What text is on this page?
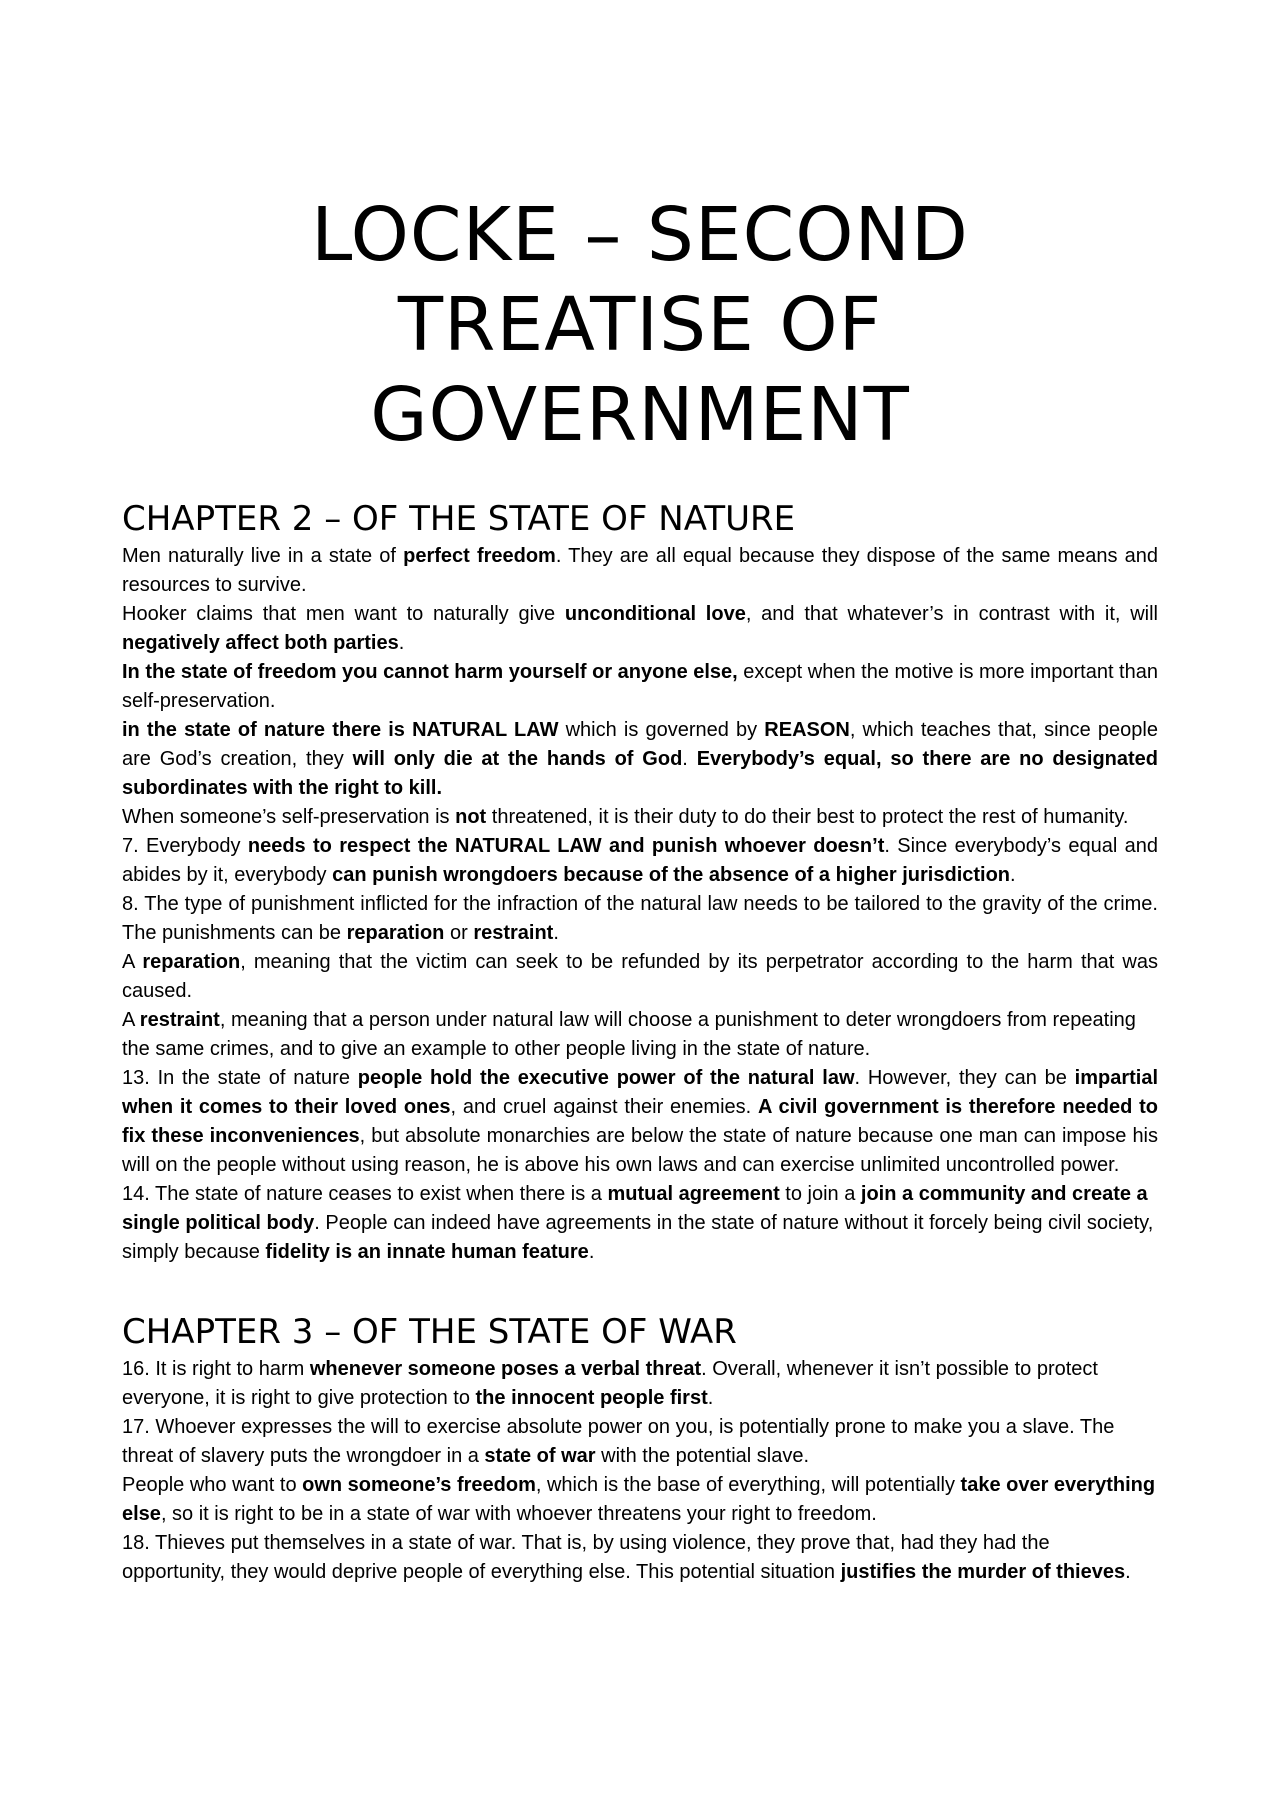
LOCKE – SECOND
TREATISE OF
GOVERNMENT
CHAPTER 2 – OF THE STATE OF NATURE

Men naturally live in a state of perfect freedom. They are all equal because they dispose of the same means and resources to survive.

Hooker claims that men want to naturally give unconditional love, and that whatever’s in contrast with it, will negatively affect both parties.

In the state of freedom you cannot harm yourself or anyone else, except when the motive is more important than self-preservation.

in the state of nature there is NATURAL LAW which is governed by REASON, which teaches that, since people are God’s creation, they will only die at the hands of God. Everybody’s equal, so there are no designated subordinates with the right to kill.

When someone’s self-preservation is not threatened, it is their duty to do their best to protect the rest of humanity.

7. Everybody needs to respect the NATURAL LAW and punish whoever doesn’t. Since everybody’s equal and abides by it, everybody can punish wrongdoers because of the absence of a higher jurisdiction.

8. The type of punishment inflicted for the infraction of the natural law needs to be tailored to the gravity of the crime. The punishments can be reparation or restraint.

A reparation, meaning that the victim can seek to be refunded by its perpetrator according to the harm that was caused.

A restraint, meaning that a person under natural law will choose a punishment to deter wrongdoers from repeating the same crimes, and to give an example to other people living in the state of nature.

13. In the state of nature people hold the executive power of the natural law. However, they can be impartial when it comes to their loved ones, and cruel against their enemies. A civil government is therefore needed to fix these inconveniences, but absolute monarchies are below the state of nature because one man can impose his will on the people without using reason, he is above his own laws and can exercise unlimited uncontrolled power.

14. The state of nature ceases to exist when there is a mutual agreement to join a join a community and create a single political body. People can indeed have agreements in the state of nature without it forcely being civil society, simply because fidelity is an innate human feature.

CHAPTER 3 – OF THE STATE OF WAR

16. It is right to harm whenever someone poses a verbal threat. Overall, whenever it isn’t possible to protect everyone, it is right to give protection to the innocent people first.

17. Whoever expresses the will to exercise absolute power on you, is potentially prone to make you a slave. The threat of slavery puts the wrongdoer in a state of war with the potential slave.

People who want to own someone’s freedom, which is the base of everything, will potentially take over everything else, so it is right to be in a state of war with whoever threatens your right to freedom.

18. Thieves put themselves in a state of war. That is, by using violence, they prove that, had they had the opportunity, they would deprive people of everything else. This potential situation justifies the murder of thieves.
